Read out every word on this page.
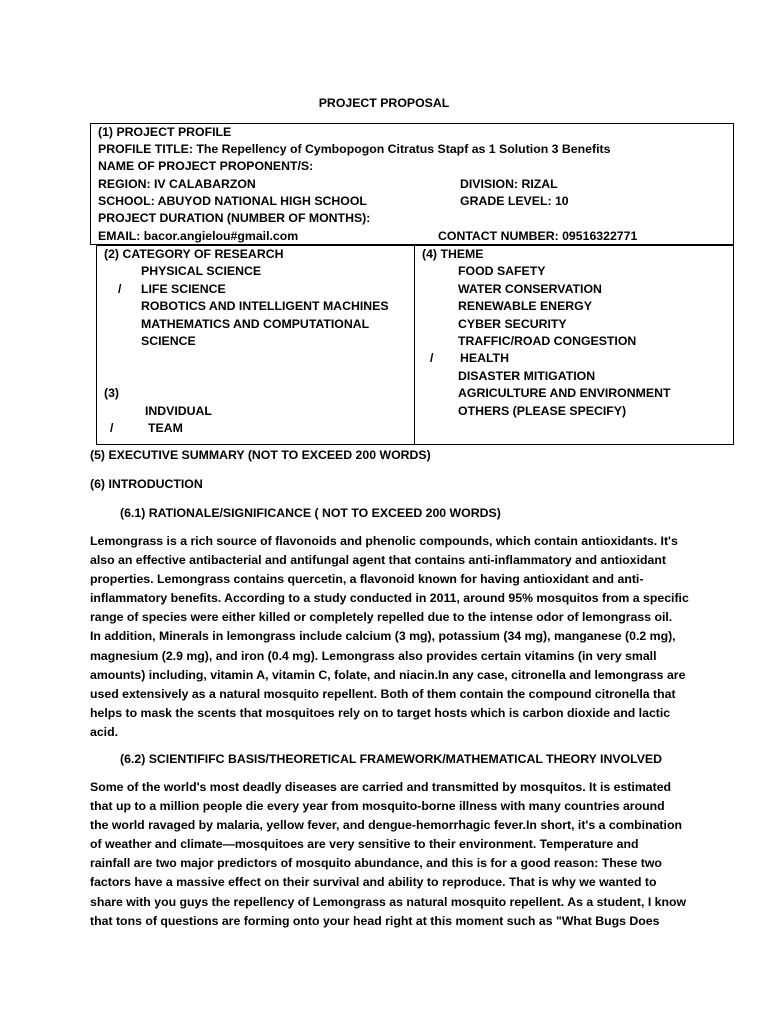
PROJECT PROPOSAL
(1) PROJECT PROFILE
PROFILE TITLE: The Repellency of Cymbopogon Citratus Stapf as 1 Solution 3 Benefits
NAME OF PROJECT PROPONENT/S:
REGION: IV CALABARZON	DIVISION: RIZAL
SCHOOL: ABUYOD NATIONAL HIGH SCHOOL	GRADE LEVEL: 10
PROJECT DURATION (NUMBER OF MONTHS):
EMAIL: bacor.angielou#gmail.com	CONTACT NUMBER: 09516322771
(2) CATEGORY OF RESEARCH
PHYSICAL SCIENCE
/ LIFE SCIENCE
ROBOTICS AND INTELLIGENT MACHINES
MATHEMATICS AND COMPUTATIONAL
SCIENCE
(3)
INDVIDUAL
/	TEAM
(4) THEME
FOOD SAFETY
WATER CONSERVATION
RENEWABLE ENERGY
CYBER SECURITY
TRAFFIC/ROAD CONGESTION
/ HEALTH
DISASTER MITIGATION
AGRICULTURE AND ENVIRONMENT
OTHERS (PLEASE SPECIFY)
(5) EXECUTIVE SUMMARY (NOT TO EXCEED 200 WORDS)
(6) INTRODUCTION
(6.1) RATIONALE/SIGNIFICANCE ( NOT TO EXCEED 200 WORDS)
Lemongrass is a rich source of flavonoids and phenolic compounds, which contain antioxidants. It's
also an effective antibacterial and antifungal agent that contains anti-inflammatory and antioxidant
properties. Lemongrass contains quercetin, a flavonoid known for having antioxidant and anti-
inflammatory benefits. According to a study conducted in 2011, around 95% mosquitos from a specific
range of species were either killed or completely repelled due to the intense odor of lemongrass oil.
In addition, Minerals in lemongrass include calcium (3 mg), potassium (34 mg), manganese (0.2 mg),
magnesium (2.9 mg), and iron (0.4 mg). Lemongrass also provides certain vitamins (in very small
amounts) including, vitamin A, vitamin C, folate, and niacin.In any case, citronella and lemongrass are
used extensively as a natural mosquito repellent. Both of them contain the compound citronella that
helps to mask the scents that mosquitoes rely on to target hosts which is carbon dioxide and lactic
acid.
(6.2) SCIENTIFIFC BASIS/THEORETICAL FRAMEWORK/MATHEMATICAL THEORY INVOLVED
Some of the world's most deadly diseases are carried and transmitted by mosquitos. It is estimated
that up to a million people die every year from mosquito-borne illness with many countries around
the world ravaged by malaria, yellow fever, and dengue-hemorrhagic fever.In short, it's a combination
of weather and climate—mosquitoes are very sensitive to their environment. Temperature and
rainfall are two major predictors of mosquito abundance, and this is for a good reason: These two
factors have a massive effect on their survival and ability to reproduce. That is why we wanted to
share with you guys the repellency of Lemongrass as natural mosquito repellent. As a student, I know
that tons of questions are forming onto your head right at this moment such as "What Bugs Does
